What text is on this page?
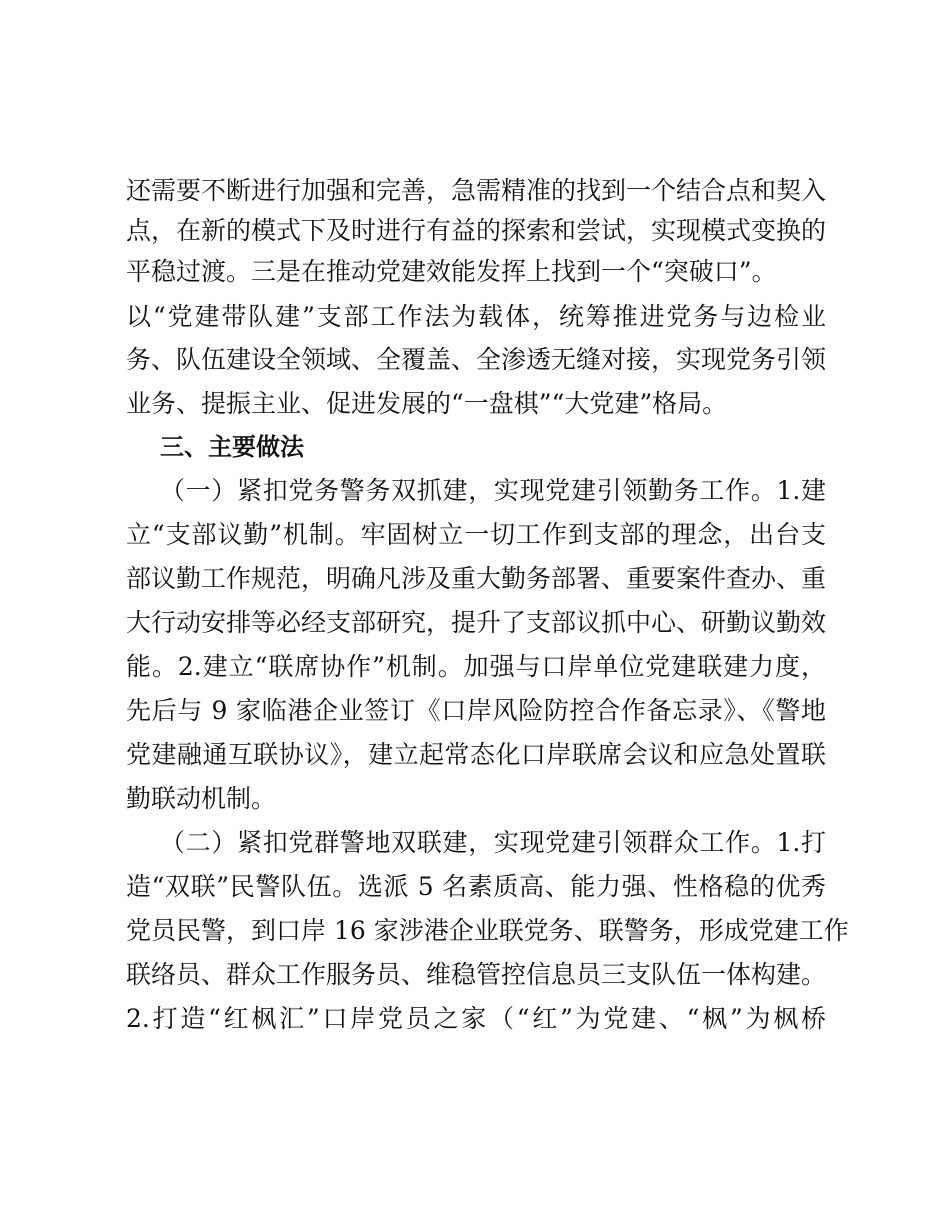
还需要不断进行加强和完善，急需精准的找到一个结合点和契入
点，在新的模式下及时进行有益的探索和尝试，实现模式变换的
平稳过渡。三是在推动党建效能发挥上找到一个“突破口”。
以“党建带队建”支部工作法为载体，统筹推进党务与边检业
务、队伍建设全领域、全覆盖、全渗透无缝对接，实现党务引领
业务、提振主业、促进发展的“一盘棋”“大党建”格局。
三、主要做法
（一）紧扣党务警务双抓建，实现党建引领勤务工作。1.建
立“支部议勤”机制。牢固树立一切工作到支部的理念，出台支
部议勤工作规范，明确凡涉及重大勤务部署、重要案件查办、重
大行动安排等必经支部研究，提升了支部议抓中心、研勤议勤效
能。2.建立“联席协作”机制。加强与口岸单位党建联建力度，
先后与 9 家临港企业签订《口岸风险防控合作备忘录》、《警地
党建融通互联协议》，建立起常态化口岸联席会议和应急处置联
勤联动机制。
（二）紧扣党群警地双联建，实现党建引领群众工作。1.打
造“双联”民警队伍。选派 5 名素质高、能力强、性格稳的优秀
党员民警，到口岸 16 家涉港企业联党务、联警务，形成党建工作
联络员、群众工作服务员、维稳管控信息员三支队伍一体构建。
2.打造“红枫汇”口岸党员之家（“红”为党建、“枫”为枫桥
